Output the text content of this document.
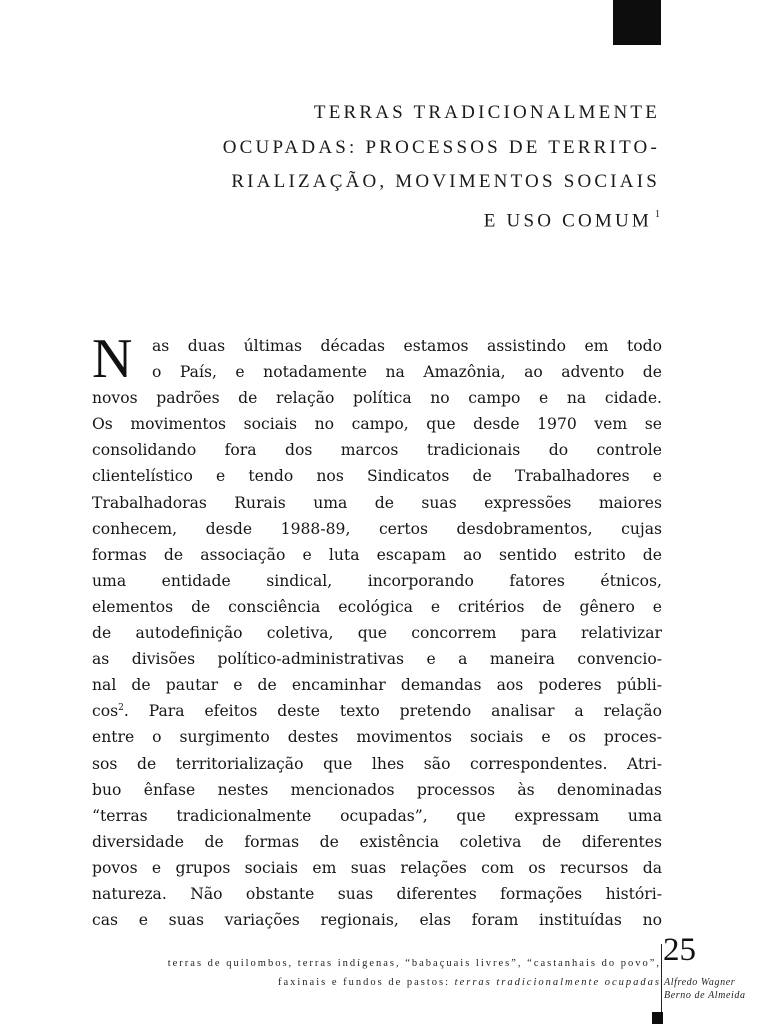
TERRAS TRADICIONALMENTE
OCUPADAS: PROCESSOS DE TERRITO-
RIALIZAÇÃO, MOVIMENTOS SOCIAIS
E USO COMUM $^1$
N	as duas últimas décadas estamos assistindo em todo
o País, e notadamente na Amazônia, ao advento de
novos padrões de relação política no campo e na cidade.
Os movimentos sociais no campo, que desde 1970 vem se
consolidando fora dos marcos tradicionais do controle
clientelístico e tendo nos Sindicatos de Trabalhadores e
Trabalhadoras Rurais uma de suas expressões maiores
conhecem, desde 1988-89, certos desdobramentos, cujas
formas de associação e luta escapam ao sentido estrito de
uma entidade sindical, incorporando fatores étnicos,
elementos de consciência ecológica e critérios de gênero e
de autodefinição coletiva, que concorrem para relativizar
as divisões político-administrativas e a maneira convencio-
nal de pautar e de encaminhar demandas aos poderes públi-
$\cos^2$. Para efeitos deste texto pretendo analisar a relação
entre o surgimento destes movimentos sociais e os proces-
sos de territorialização que lhes são correspondentes. Atri-
buo ênfase nestes mencionados processos às denominadas
“terras tradicionalmente ocupadas”, que expressam uma
diversidade de formas de existência coletiva de diferentes
povos e grupos sociais em suas relações com os recursos da
natureza. Não obstante suas diferentes formações históri-
cas e suas variações regionais, elas foram instituídas no
terras de quilombos, terras indígenas, “babaçuais livres”, “castanhais do povo”,
faxinais e fundos de pastos: terras tradicionalmente ocupadas
25
Alfredo Wagner
Berno de Almeida
